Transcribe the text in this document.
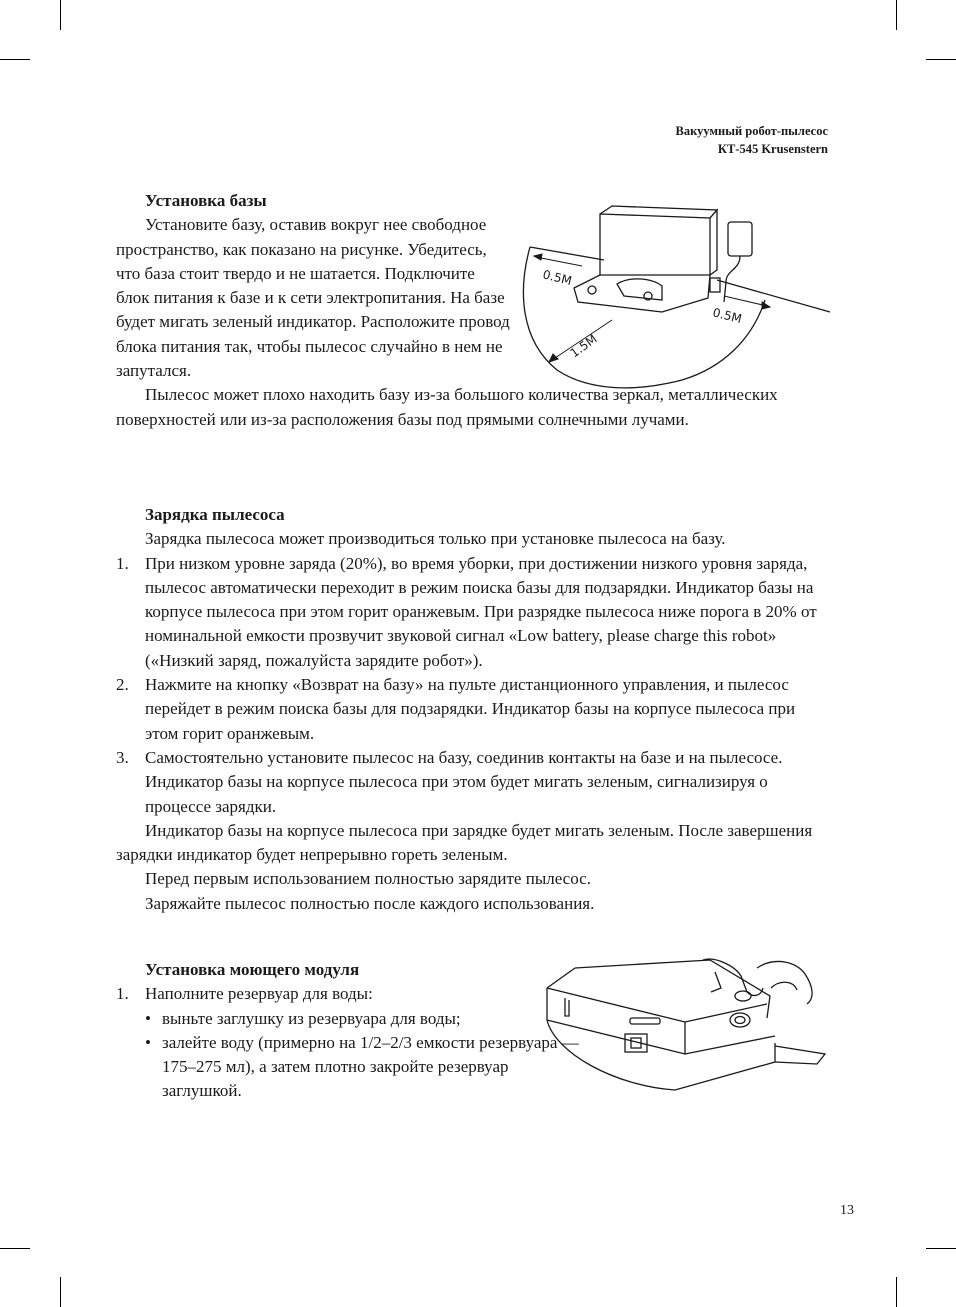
Вакуумный робот-пылесос
КТ-545 Krusenstern

Установка базы

Установите базу, оставив вокруг нее свободное пространство, как показано на рисунке. Убедитесь, что база стоит твердо и не шатается. Подключите блок питания к базе и к сети электропитания. На базе будет мигать зеленый индикатор. Расположите провод блока питания так, чтобы пылесос случайно в нем не запутался.

Пылесос может плохо находить базу из-за большого количества зеркал, металлических поверхностей или из-за расположения базы под прямыми солнечными лучами.

0.5M
0.5M
1.5M

Зарядка пылесоса

Зарядка пылесоса может производиться только при установке пылесоса на базу.

1. При низком уровне заряда (20%), во время уборки, при достижении низкого уровня заряда, пылесос автоматически переходит в режим поиска базы для подзарядки. Индикатор базы на корпусе пылесоса при этом горит оранжевым. При разрядке пылесоса ниже порога в 20% от номинальной емкости прозвучит звуковой сигнал «Low battery, please charge this robot» («Низкий заряд, пожалуйста зарядите робот»).

2. Нажмите на кнопку «Возврат на базу» на пульте дистанционного управления, и пылесос перейдет в режим поиска базы для подзарядки. Индикатор базы на корпусе пылесоса при этом горит оранжевым.

3. Самостоятельно установите пылесос на базу, соединив контакты на базе и на пылесосе. Индикатор базы на корпусе пылесоса при этом будет мигать зеленым, сигнализируя о процессе зарядки.

Индикатор базы на корпусе пылесоса при зарядке будет мигать зеленым. После завершения зарядки индикатор будет непрерывно гореть зеленым.

Перед первым использованием полностью зарядите пылесос.

Заряжайте пылесос полностью после каждого использования.

Установка моющего модуля

1. Наполните резервуар для воды:

• выньте заглушку из резервуара для воды;

• залейте воду (примерно на 1/2–2/3 емкости резервуара — 175–275 мл), а затем плотно закройте резервуар заглушкой.

13
